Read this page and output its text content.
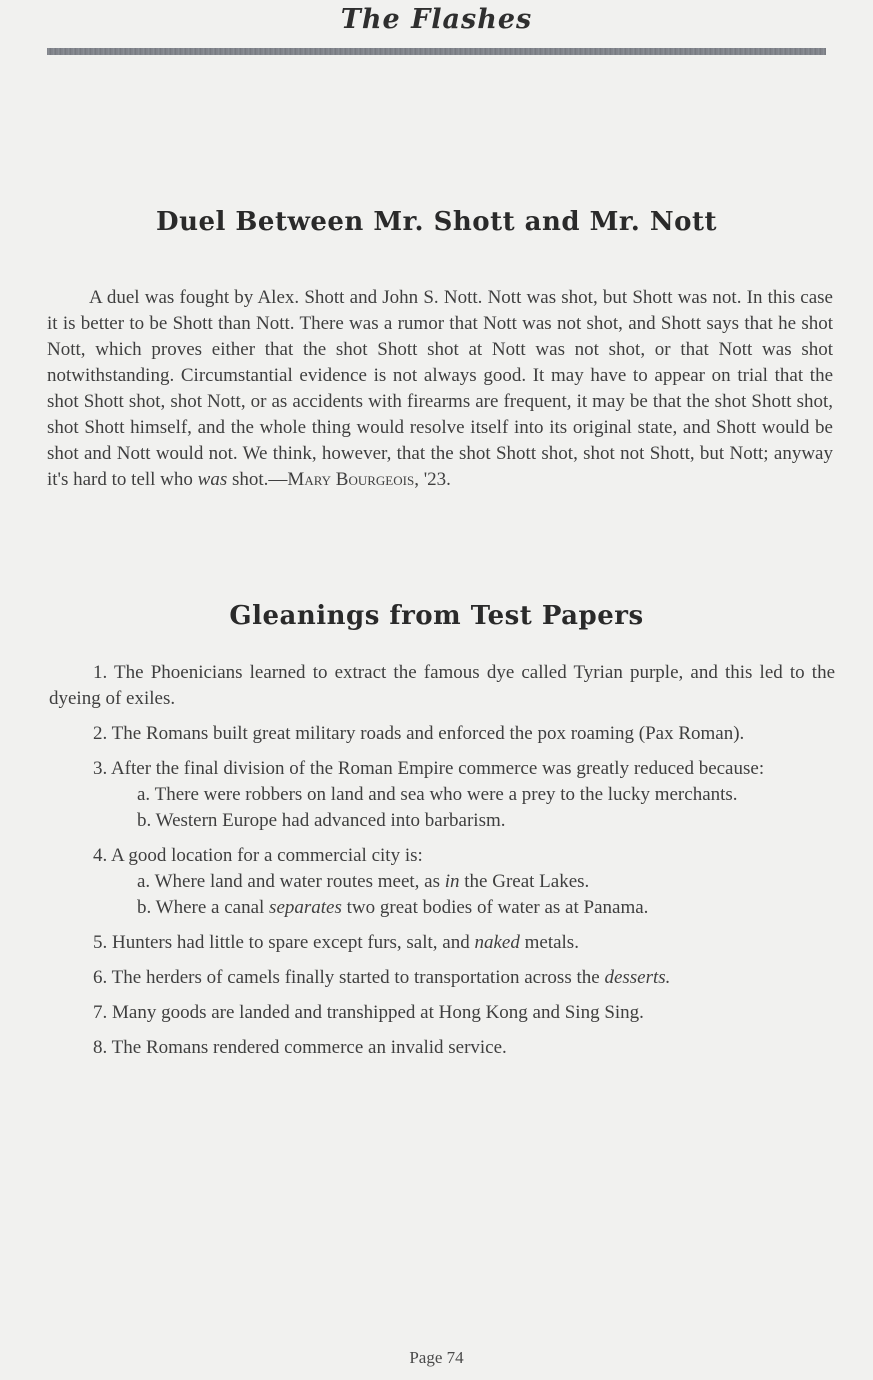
The Flashes
Duel Between Mr. Shott and Mr. Nott

A duel was fought by Alex. Shott and John S. Nott. Nott was shot, but Shott was not. In this case it is better to be Shott than Nott. There was a rumor that Nott was not shot, and Shott says that he shot Nott, which proves either that the shot Shott shot at Nott was not shot, or that Nott was shot notwithstanding. Circumstantial evidence is not always good. It may have to appear on trial that the shot Shott shot, shot Nott, or as accidents with firearms are frequent, it may be that the shot Shott shot, shot Shott himself, and the whole thing would resolve itself into its original state, and Shott would be shot and Nott would not. We think, however, that the shot Shott shot, shot not Shott, but Nott; anyway it's hard to tell who was shot.—Mary Bourgeois, '23.

Gleanings from Test Papers

1. The Phoenicians learned to extract the famous dye called Tyrian purple, and this led to the dyeing of exiles.

2. The Romans built great military roads and enforced the pox roaming (Pax Roman).

3. After the final division of the Roman Empire commerce was greatly reduced because:
a. There were robbers on land and sea who were a prey to the lucky merchants.
b. Western Europe had advanced into barbarism.
4. A good location for a commercial city is:
a. Where land and water routes meet, as in the Great Lakes.
b. Where a canal separates two great bodies of water as at Panama.

5. Hunters had little to spare except furs, salt, and naked metals.

6. The herders of camels finally started to transportation across the desserts.

7. Many goods are landed and transhipped at Hong Kong and Sing Sing.

8. The Romans rendered commerce an invalid service.

Page 74
